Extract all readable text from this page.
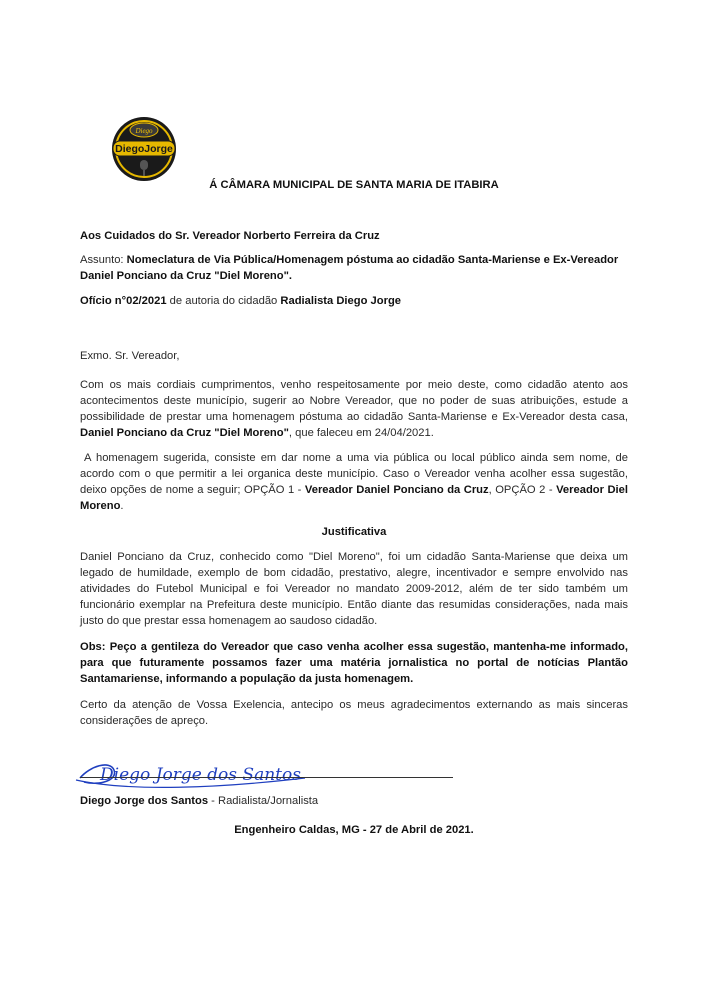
Diego
DiegoJorge

Á CÂMARA MUNICIPAL DE SANTA MARIA DE ITABIRA

Aos Cuidados do Sr. Vereador Norberto Ferreira da Cruz

Assunto: Nomeclatura de Via Pública/Homenagem póstuma ao cidadão Santa-Mariense e Ex-Vereador Daniel Ponciano da Cruz "Diel Moreno".

Ofício n°02/2021 de autoria do cidadão Radialista Diego Jorge

Exmo. Sr. Vereador,

Com os mais cordiais cumprimentos, venho respeitosamente por meio deste, como cidadão atento aos acontecimentos deste município, sugerir ao Nobre Vereador, que no poder de suas atribuições, estude a possibilidade de prestar uma homenagem póstuma ao cidadão Santa-Mariense e Ex-Vereador desta casa, Daniel Ponciano da Cruz "Diel Moreno", que faleceu em 24/04/2021.

A homenagem sugerida, consiste em dar nome a uma via pública ou local público ainda sem nome, de acordo com o que permitir a lei organica deste município. Caso o Vereador venha acolher essa sugestão, deixo opções de nome a seguir; OPÇÃO 1 - Vereador Daniel Ponciano da Cruz, OPÇÃO 2 - Vereador Diel Moreno.

Justificativa

Daniel Ponciano da Cruz, conhecido como "Diel Moreno", foi um cidadão Santa-Mariense que deixa um legado de humildade, exemplo de bom cidadão, prestativo, alegre, incentivador e sempre envolvido nas atividades do Futebol Municipal e foi Vereador no mandato 2009-2012, além de ter sido também um funcionário exemplar na Prefeitura deste município. Então diante das resumidas considerações, nada mais justo do que prestar essa homenagem ao saudoso cidadão.

Obs: Peço a gentileza do Vereador que caso venha acolher essa sugestão, mantenha-me informado, para que futuramente possamos fazer uma matéria jornalistica no portal de notícias Plantão Santamariense, informando a população da justa homenagem.

Certo da atenção de Vossa Exelencia, antecipo os meus agradecimentos externando as mais sinceras considerações de apreço.

Diego Jorge dos Santos

Diego Jorge dos Santos - Radialista/Jornalista

Engenheiro Caldas, MG - 27 de Abril de 2021.
